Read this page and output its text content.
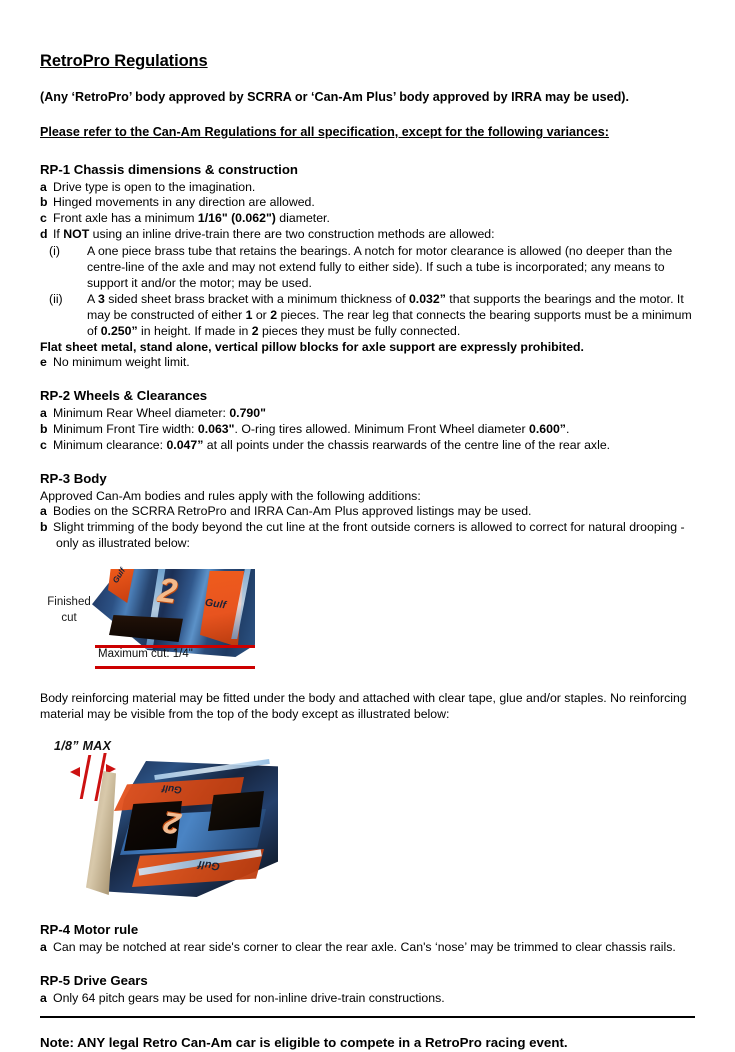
RetroPro Regulations

(Any ‘RetroPro’ body approved by SCRRA or ‘Can-Am Plus’ body approved by IRRA may be used).

Please refer to the Can-Am Regulations for all specification, except for the following variances:

RP-1 Chassis dimensions & construction

a Drive type is open to the imagination.

b Hinged movements in any direction are allowed.

c Front axle has a minimum 1/16" (0.062") diameter.

d If NOT using an inline drive-train there are two construction methods are allowed:

(i) A one piece brass tube that retains the bearings. A notch for motor clearance is allowed (no deeper than the centre-line of the axle and may not extend fully to either side). If such a tube is incorporated; any means to support it and/or the motor; may be used.

(ii) A 3 sided sheet brass bracket with a minimum thickness of 0.032” that supports the bearings and the motor. It may be constructed of either 1 or 2 pieces. The rear leg that connects the bearing supports must be a minimum of 0.250” in height. If made in 2 pieces they must be fully connected.

Flat sheet metal, stand alone, vertical pillow blocks for axle support are expressly prohibited.

e No minimum weight limit.

RP-2 Wheels & Clearances

a Minimum Rear Wheel diameter: 0.790"

b Minimum Front Tire width: 0.063". O-ring tires allowed. Minimum Front Wheel diameter 0.600”.

c Minimum clearance: 0.047” at all points under the chassis rearwards of the centre line of the rear axle.

RP-3 Body

Approved Can-Am bodies and rules apply with the following additions:

a Bodies on the SCRRA RetroPro and IRRA Can-Am Plus approved listings may be used.

b Slight trimming of the body beyond the cut line at the front outside corners is allowed to correct for natural drooping - only as illustrated below:

2
Gulf
Gulf
Finished cut
Maximum cut: 1/4"

Body reinforcing material may be fitted under the body and attached with clear tape, glue and/or staples. No reinforcing material may be visible from the top of the body except as illustrated below:

1/8” MAX
2
Gulf
Gulf
RP-4 Motor rule

a Can may be notched at rear side's corner to clear the rear axle. Can's ‘nose’ may be trimmed to clear chassis rails.

RP-5 Drive Gears

a Only 64 pitch gears may be used for non-inline drive-train constructions.

Note: ANY legal Retro Can-Am car is eligible to compete in a RetroPro racing event.
